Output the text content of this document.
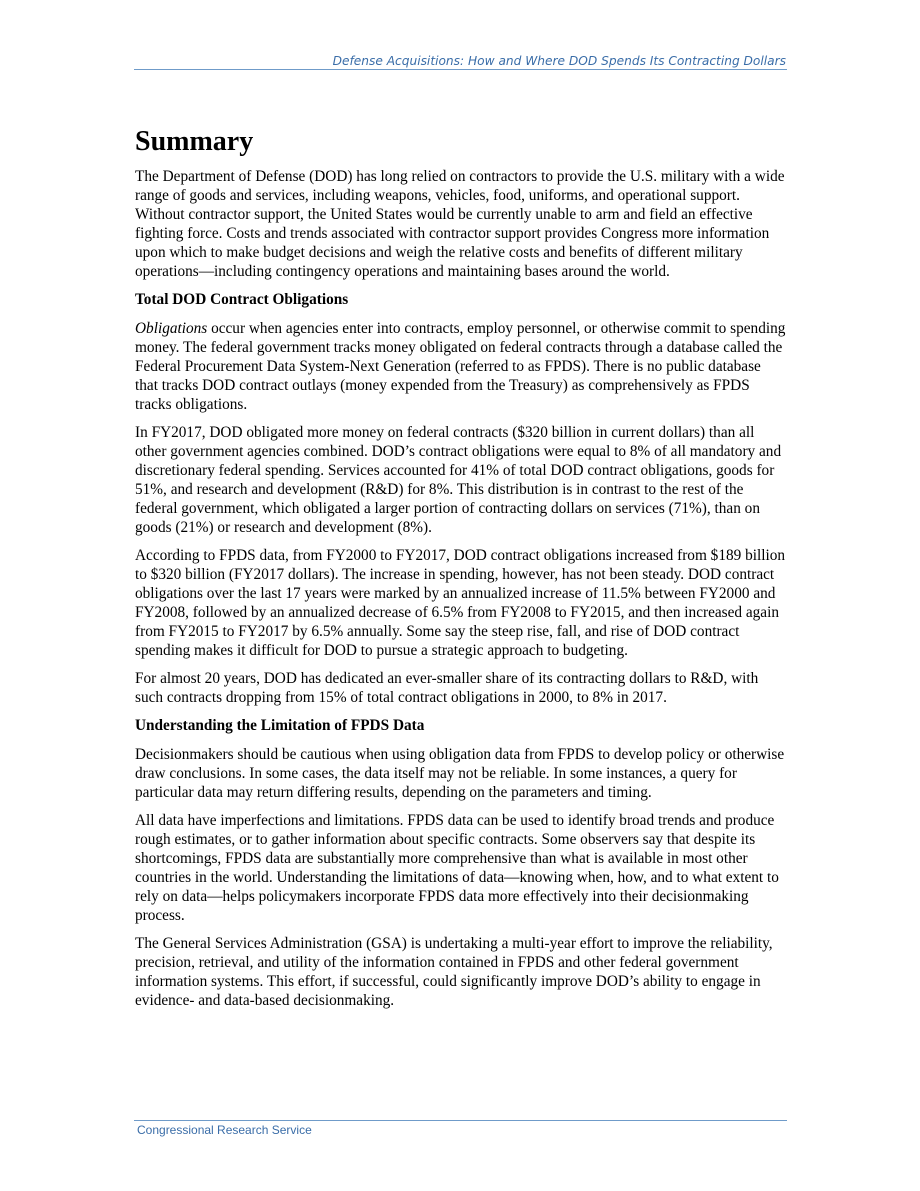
Defense Acquisitions: How and Where DOD Spends Its Contracting Dollars
Summary

The Department of Defense (DOD) has long relied on contractors to provide the U.S. military with a wide range of goods and services, including weapons, vehicles, food, uniforms, and operational support. Without contractor support, the United States would be currently unable to arm and field an effective fighting force. Costs and trends associated with contractor support provides Congress more information upon which to make budget decisions and weigh the relative costs and benefits of different military operations—including contingency operations and maintaining bases around the world.

Total DOD Contract Obligations

Obligations occur when agencies enter into contracts, employ personnel, or otherwise commit to spending money. The federal government tracks money obligated on federal contracts through a database called the Federal Procurement Data System-Next Generation (referred to as FPDS). There is no public database that tracks DOD contract outlays (money expended from the Treasury) as comprehensively as FPDS tracks obligations.

In FY2017, DOD obligated more money on federal contracts ($320 billion in current dollars) than all other government agencies combined. DOD’s contract obligations were equal to 8% of all mandatory and discretionary federal spending. Services accounted for 41% of total DOD contract obligations, goods for 51%, and research and development (R&D) for 8%. This distribution is in contrast to the rest of the federal government, which obligated a larger portion of contracting dollars on services (71%), than on goods (21%) or research and development (8%).

According to FPDS data, from FY2000 to FY2017, DOD contract obligations increased from $189 billion to $320 billion (FY2017 dollars). The increase in spending, however, has not been steady. DOD contract obligations over the last 17 years were marked by an annualized increase of 11.5% between FY2000 and FY2008, followed by an annualized decrease of 6.5% from FY2008 to FY2015, and then increased again from FY2015 to FY2017 by 6.5% annually. Some say the steep rise, fall, and rise of DOD contract spending makes it difficult for DOD to pursue a strategic approach to budgeting.

For almost 20 years, DOD has dedicated an ever-smaller share of its contracting dollars to R&D, with such contracts dropping from 15% of total contract obligations in 2000, to 8% in 2017.

Understanding the Limitation of FPDS Data

Decisionmakers should be cautious when using obligation data from FPDS to develop policy or otherwise draw conclusions. In some cases, the data itself may not be reliable. In some instances, a query for particular data may return differing results, depending on the parameters and timing.

All data have imperfections and limitations. FPDS data can be used to identify broad trends and produce rough estimates, or to gather information about specific contracts. Some observers say that despite its shortcomings, FPDS data are substantially more comprehensive than what is available in most other countries in the world. Understanding the limitations of data—knowing when, how, and to what extent to rely on data—helps policymakers incorporate FPDS data more effectively into their decisionmaking process.

The General Services Administration (GSA) is undertaking a multi-year effort to improve the reliability, precision, retrieval, and utility of the information contained in FPDS and other federal government information systems. This effort, if successful, could significantly improve DOD’s ability to engage in evidence- and data-based decisionmaking.

Congressional Research Service
